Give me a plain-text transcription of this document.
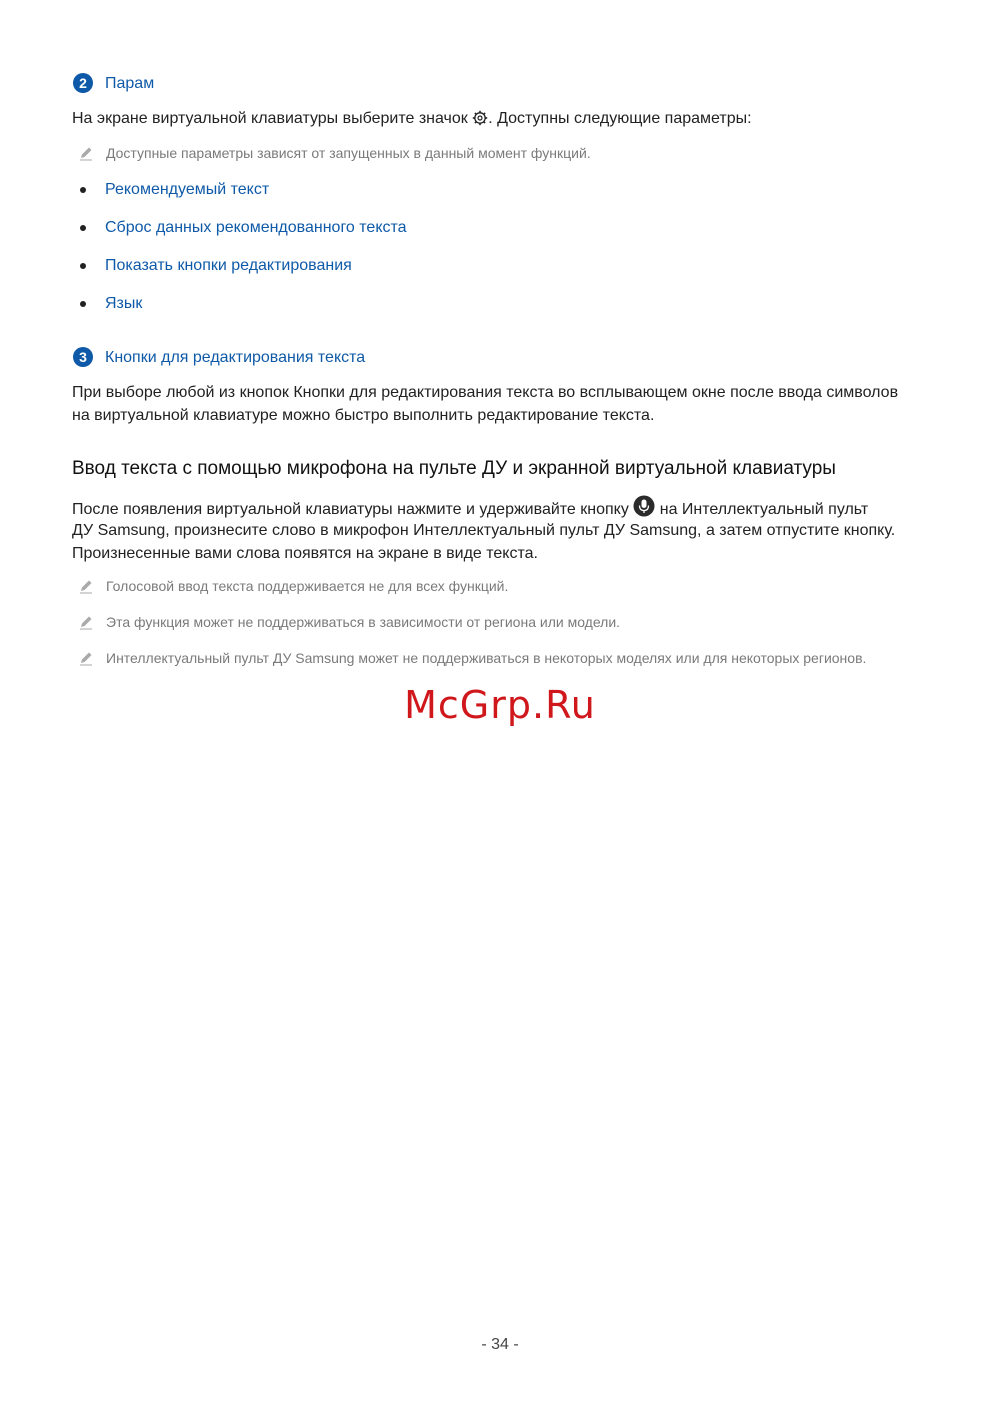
2	Парам
На экране виртуальной клавиатуры выберите значок . Доступны следующие параметры:
Доступные параметры зависят от запущенных в данный момент функций.
Рекомендуемый текст
Сброс данных рекомендованного текста
Показать кнопки редактирования
Язык
3	Кнопки для редактирования текста
При выборе любой из кнопок Кнопки для редактирования текста во всплывающем окне после ввода символов
на виртуальной клавиатуре можно быстро выполнить редактирование текста.
Ввод текста с помощью микрофона на пульте ДУ и экранной виртуальной клавиатуры
После появления виртуальной клавиатуры нажмите и удерживайте кнопку на Интеллектуальный пульт
ДУ Samsung, произнесите слово в микрофон Интеллектуальный пульт ДУ Samsung, а затем отпустите кнопку.
Произнесенные вами слова появятся на экране в виде текста.
Голосовой ввод текста поддерживается не для всех функций.
Эта функция может не поддерживаться в зависимости от региона или модели.
Интеллектуальный пульт ДУ Samsung может не поддерживаться в некоторых моделях или для некоторых регионов.
McGrp.Ru
- 34 -
